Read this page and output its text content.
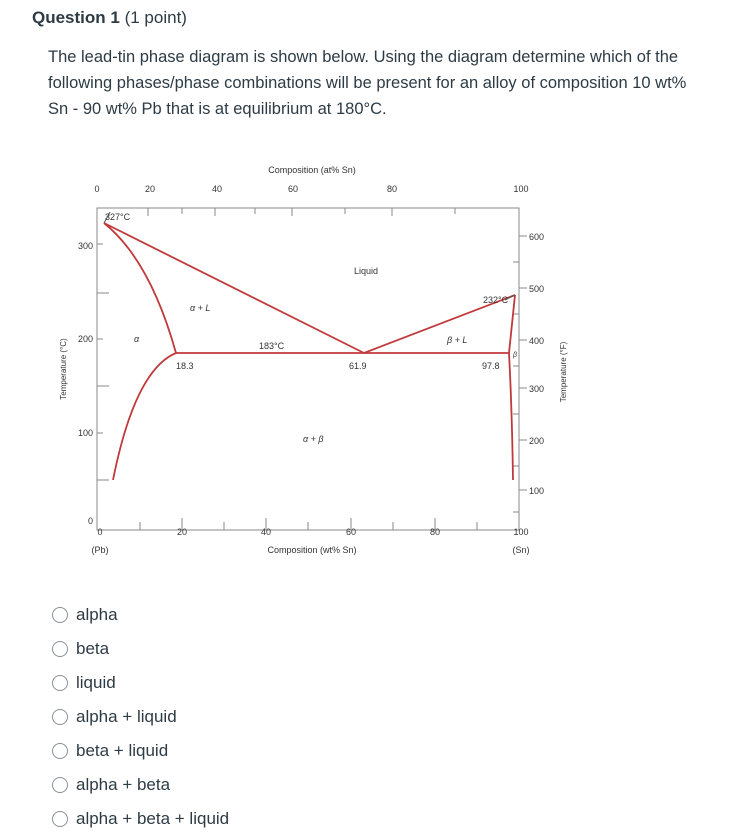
Question 1 (1 point)
The lead-tin phase diagram is shown below. Using the diagram determine which of the following phases/phase combinations will be present for an alloy of composition 10 wt% Sn - 90 wt% Pb that is at equilibrium at 180°C.
Composition (at% Sn)
0	20	40	60	80	100
0	20	40	60	80	100
Composition (wt% Sn)
(Pb)	(Sn)
0
100
200
300
Temperature (°C)
100
200
300
400
500
600
Temperature (°F)
327°C
232°C
183°C
18.3	61.9	97.8
Liquid
α + L
β + L
α + β
α
β
alpha
beta
liquid
alpha + liquid
beta + liquid
alpha + beta
alpha + beta + liquid
